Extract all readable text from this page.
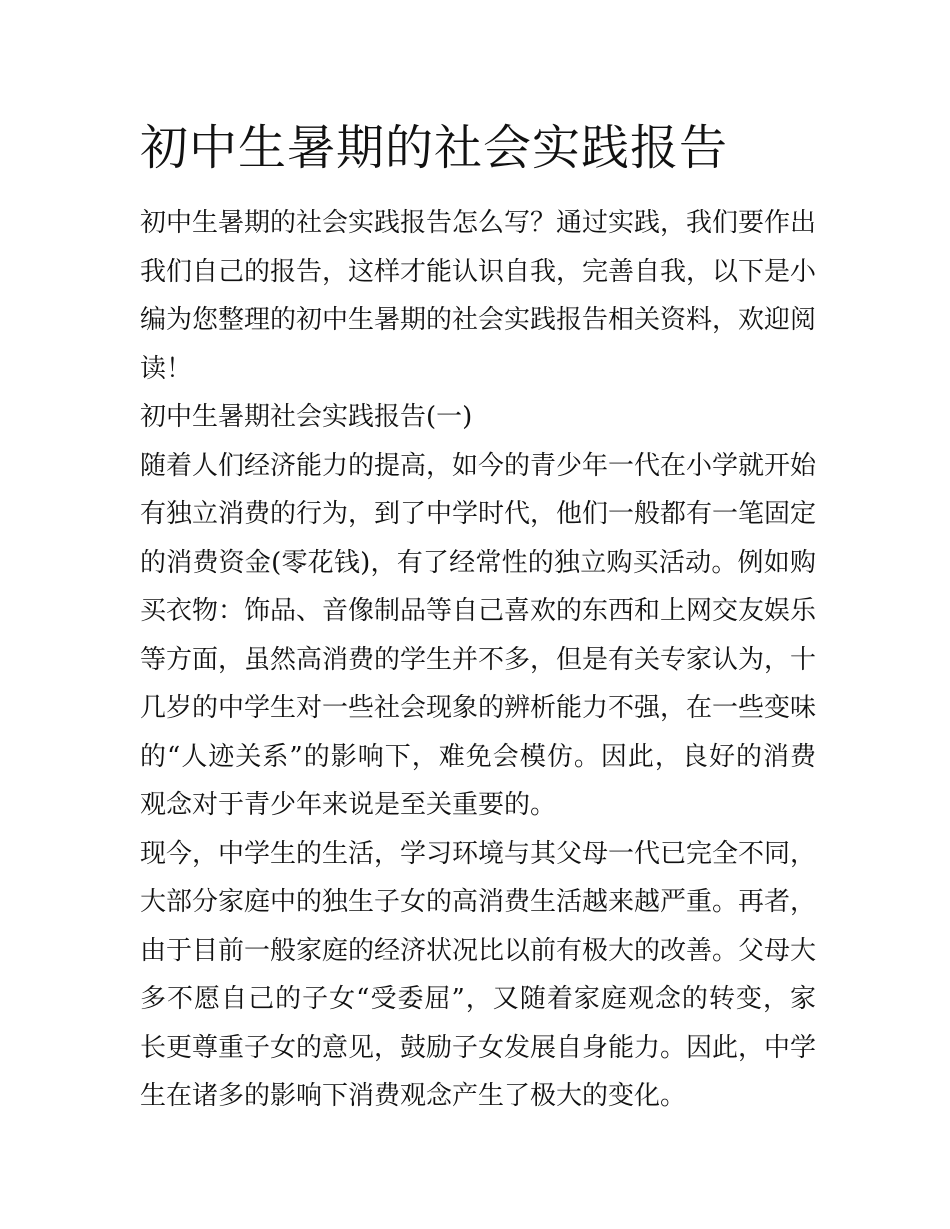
初中生暑期的社会实践报告

初中生暑期的社会实践报告怎么写？通过实践，我们要作出我们自己的报告，这样才能认识自我，完善自我，以下是小编为您整理的初中生暑期的社会实践报告相关资料，欢迎阅读！

初中生暑期社会实践报告(一)

随着人们经济能力的提高，如今的青少年一代在小学就开始有独立消费的行为，到了中学时代，他们一般都有一笔固定的消费资金(零花钱)，有了经常性的独立购买活动。例如购买衣物：饰品、音像制品等自己喜欢的东西和上网交友娱乐等方面，虽然高消费的学生并不多，但是有关专家认为，十几岁的中学生对一些社会现象的辨析能力不强，在一些变味的“人迹关系”的影响下，难免会模仿。因此，良好的消费观念对于青少年来说是至关重要的。

现今，中学生的生活，学习环境与其父母一代已完全不同，大部分家庭中的独生子女的高消费生活越来越严重。再者，由于目前一般家庭的经济状况比以前有极大的改善。父母大多不愿自己的子女“受委屈”，又随着家庭观念的转变，家长更尊重子女的意见，鼓励子女发展自身能力。因此，中学生在诸多的影响下消费观念产生了极大的变化。
